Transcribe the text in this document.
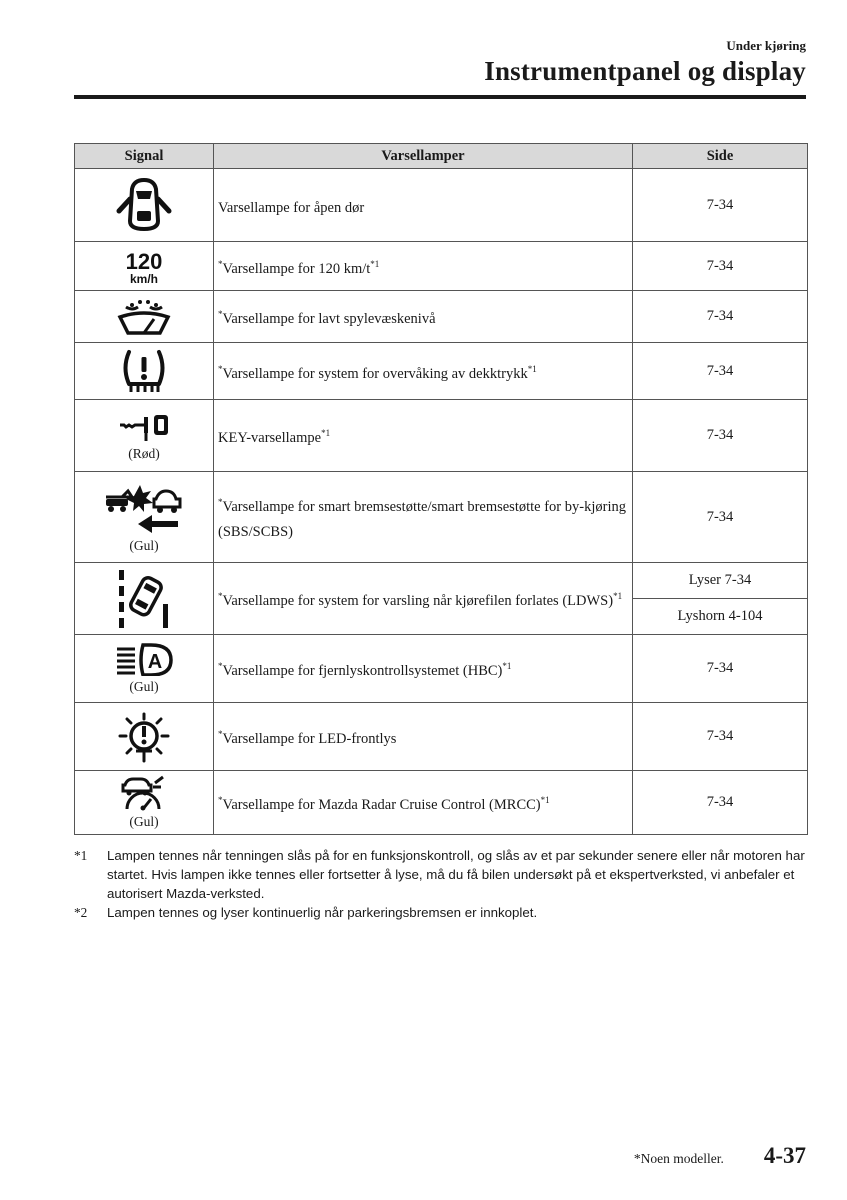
Under kjøring
Instrumentpanel og display
Signal	Varsellamper	Side

	Varsellampe for åpen dør	7-34

120
km/h	*Varsellampe for 120 $km/t^{*1}$	7-34

	*Varsellampe for lavt spylevæskenivå	7-34

	*Varsellampe for system for overvåking av dekktrykk$^{*1}$	7-34

(Rød)	KEY-varsellampe$^{*1}$	7-34

(Gul)	*Varsellampe for smart bremsestøtte/smart bremsestøtte for by-kjøring (SBS/SCBS)	7-34

	*Varsellampe for system for varsling når kjørefilen forlates (LDWS)$^{*1}$	Lyser 7-34
		Lyshorn 4-104

A
(Gul)	*Varsellampe for fjernlyskontrollsystemet (HBC)$^{*1}$	7-34

	*Varsellampe for LED-frontlys	7-34

(Gul)	*Varsellampe for Mazda Radar Cruise Control (MRCC)$^{*1}$	7-34
*1	Lampen tennes når tenningen slås på for en funksjonskontroll, og slås av et par sekunder senere eller når motoren har startet. Hvis lampen ikke tennes eller fortsetter å lyse, må du få bilen undersøkt på et ekspertverksted, vi anbefaler et autorisert Mazda-verksted.
*2	Lampen tennes og lyser kontinuerlig når parkeringsbremsen er innkoplet.
*Noen modeller. 4-37
